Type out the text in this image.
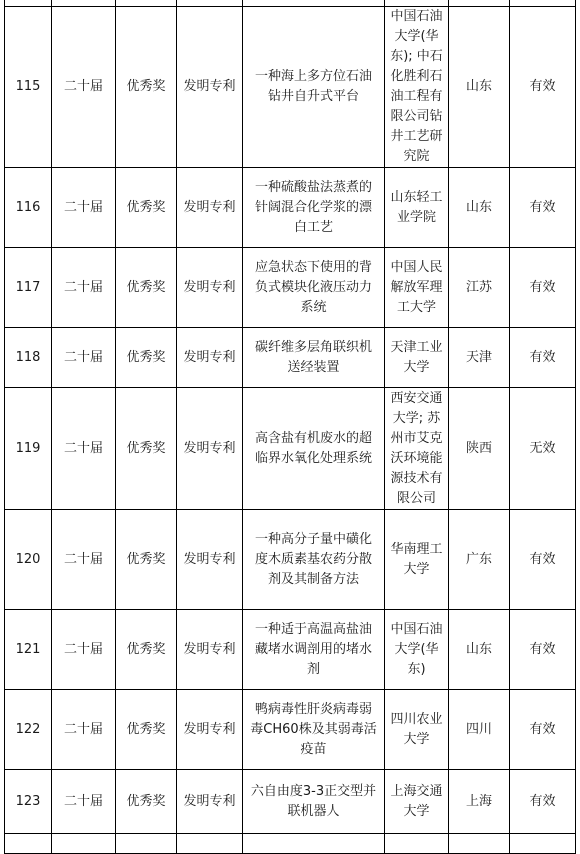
115	二十届	优秀奖	发明专利	一种海上多方位石油钻井自升式平台	中国石油大学(华东); 中石化胜利石油工程有限公司钻井工艺研究院	山东	有效
116	二十届	优秀奖	发明专利	一种硫酸盐法蒸煮的针阔混合化学浆的漂白工艺	山东轻工业学院	山东	有效
117	二十届	优秀奖	发明专利	应急状态下使用的背负式模块化液压动力系统	中国人民解放军理工大学	江苏	有效
118	二十届	优秀奖	发明专利	碳纤维多层角联织机送经装置	天津工业大学	天津	有效
119	二十届	优秀奖	发明专利	高含盐有机废水的超临界水氧化处理系统	西安交通大学; 苏州市艾克沃环境能源技术有限公司	陕西	无效
120	二十届	优秀奖	发明专利	一种高分子量中磺化度木质素基农药分散剂及其制备方法	华南理工大学	广东	有效
121	二十届	优秀奖	发明专利	一种适于高温高盐油藏堵水调剖用的堵水剂	中国石油大学(华东)	山东	有效
122	二十届	优秀奖	发明专利	鸭病毒性肝炎病毒弱毒CH60株及其弱毒活疫苗	四川农业大学	四川	有效
123	二十届	优秀奖	发明专利	六自由度3-3正交型并联机器人	上海交通大学	上海	有效
